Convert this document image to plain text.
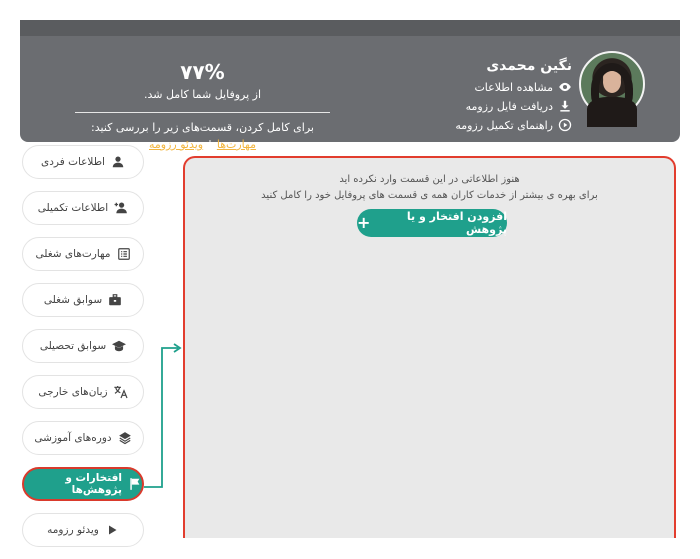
نگین محمدی
مشاهده اطلاعات
دریافت فایل رزومه
راهنمای تکمیل رزومه
۷۷%
از پروفایل شما کامل شد.
برای کامل کردن، قسمت‌های زیر را بررسی کنید:
مهارت‌ها|ویدئو رزومه
اطلاعات فردی
اطلاعات تکمیلی
مهارت‌های شغلی
سوابق شغلی
سوابق تحصیلی
زبان‌های خارجی
دوره‌های آموزشی
افتخارات و پژوهش‌ها
ویدئو رزومه
هنوز اطلاعاتی در این قسمت وارد نکرده اید
برای بهره ی بیشتر از خدمات کاران همه ی قسمت های پروفایل خود را کامل کنید
افزودن افتخار و یا پژوهش
+
